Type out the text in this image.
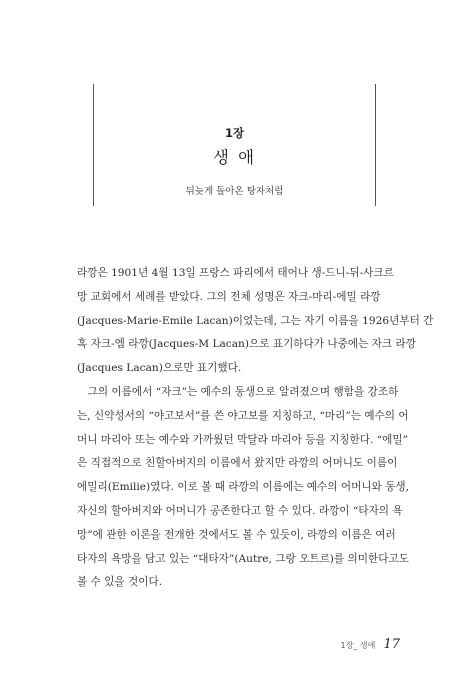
1장
생 애
뒤늦게 돌아온 탕자처럼
라깡은 1901년 4월 13일 프랑스 파리에서 태어나 생-드니-뒤-사크르
망 교회에서 세례를 받았다. 그의 전체 성명은 자크-마리-에밀 라깡
(Jacques-Marie-Emile Lacan)이었는데, 그는 자기 이름을 1926년부터 간
혹 자크-엠 라깡(Jacques-M Lacan)으로 표기하다가 나중에는 자크 라깡
(Jacques Lacan)으로만 표기했다.
　그의 이름에서 “자크”는 예수의 동생으로 알려졌으며 행함을 강조하
는, 신약성서의 “야고보서”를 쓴 야고보를 지칭하고, “마리”는 예수의 어
머니 마리아 또는 예수와 가까웠던 막달라 마리아 등을 지칭한다. “에밀”
은 직접적으로 친할아버지의 이름에서 왔지만 라깡의 어머니도 이름이
에밀리(Emilie)였다. 이로 볼 때 라깡의 이름에는 예수의 어머니와 동생,
자신의 할아버지와 어머니가 공존한다고 할 수 있다. 라깡이 “타자의 욕
망”에 관한 이론을 전개한 것에서도 볼 수 있듯이, 라깡의 이름은 여러
타자의 욕망을 담고 있는 “대타자”(Autre, 그랑 오트르)를 의미한다고도
볼 수 있을 것이다.
1장_ 생애 17
